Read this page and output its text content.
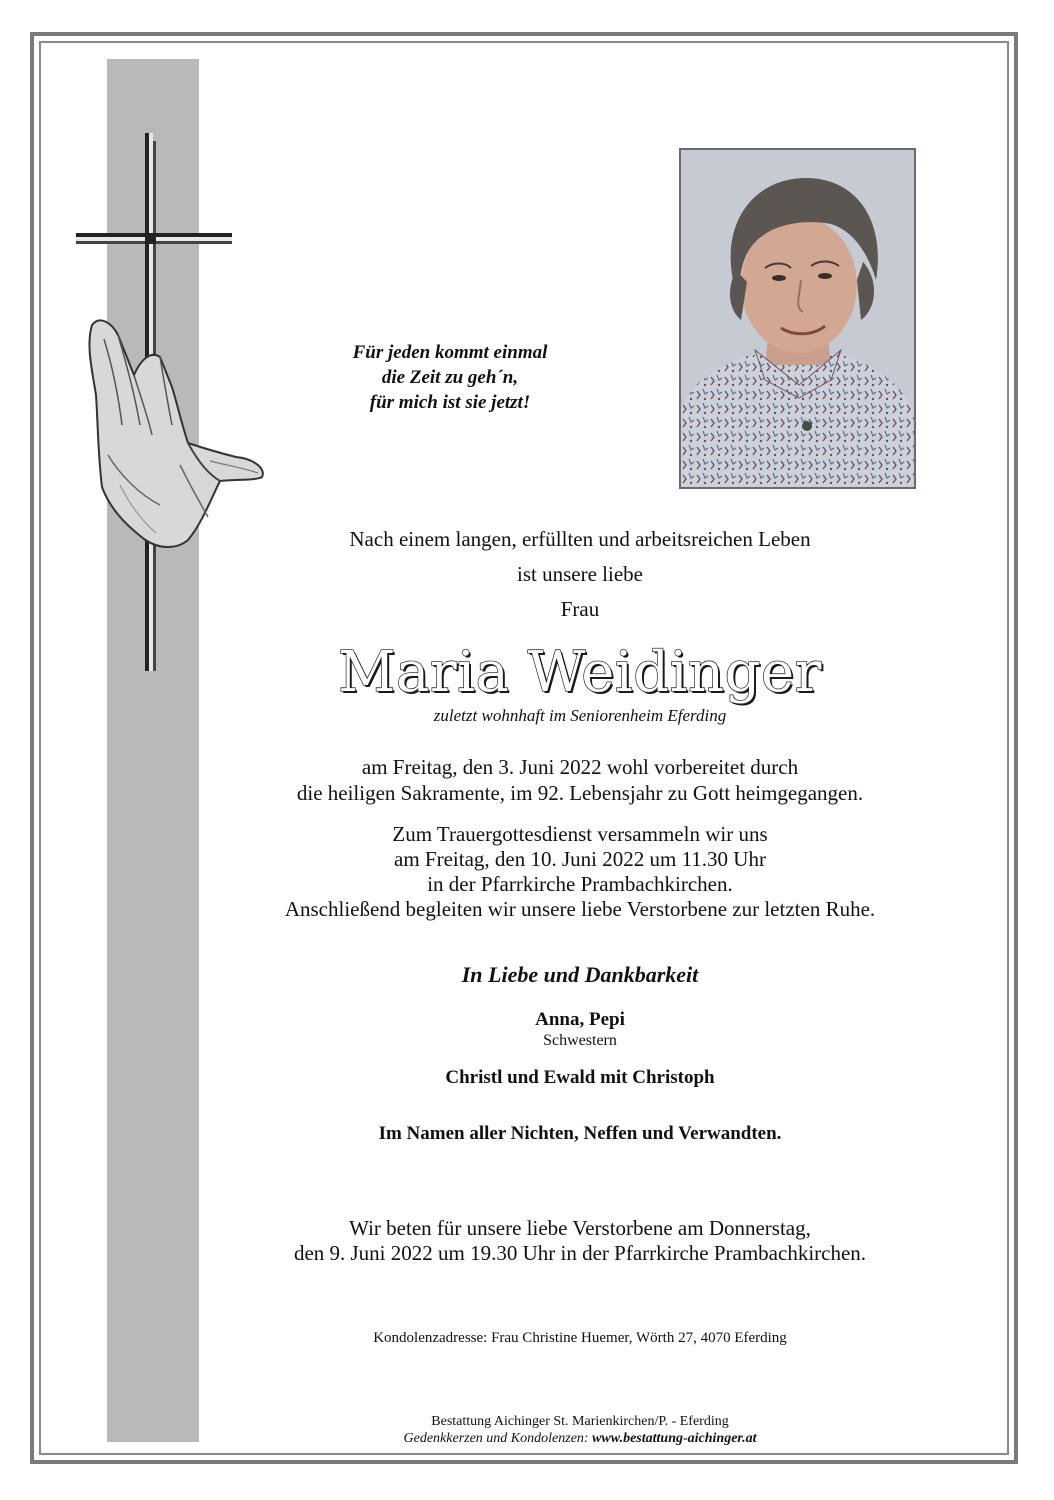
Für jeden kommt einmal
die Zeit zu geh´n,
für mich ist sie jetzt!
Nach einem langen, erfüllten und arbeitsreichen Leben
ist unsere liebe
Frau
Maria Weidinger
zuletzt wohnhaft im Seniorenheim Eferding
am Freitag, den 3. Juni 2022 wohl vorbereitet durch
die heiligen Sakramente, im 92. Lebensjahr zu Gott heimgegangen.
Zum Trauergottesdienst versammeln wir uns
am Freitag, den 10. Juni 2022 um 11.30 Uhr
in der Pfarrkirche Prambachkirchen.
Anschließend begleiten wir unsere liebe Verstorbene zur letzten Ruhe.
In Liebe und Dankbarkeit
Anna, Pepi
Schwestern
Christl und Ewald mit Christoph
Im Namen aller Nichten, Neffen und Verwandten.
Wir beten für unsere liebe Verstorbene am Donnerstag,
den 9. Juni 2022 um 19.30 Uhr in der Pfarrkirche Prambachkirchen.
Kondolenzadresse: Frau Christine Huemer, Wörth 27, 4070 Eferding
Bestattung Aichinger St. Marienkirchen/P. - Eferding
Gedenkkerzen und Kondolenzen: www.bestattung-aichinger.at
